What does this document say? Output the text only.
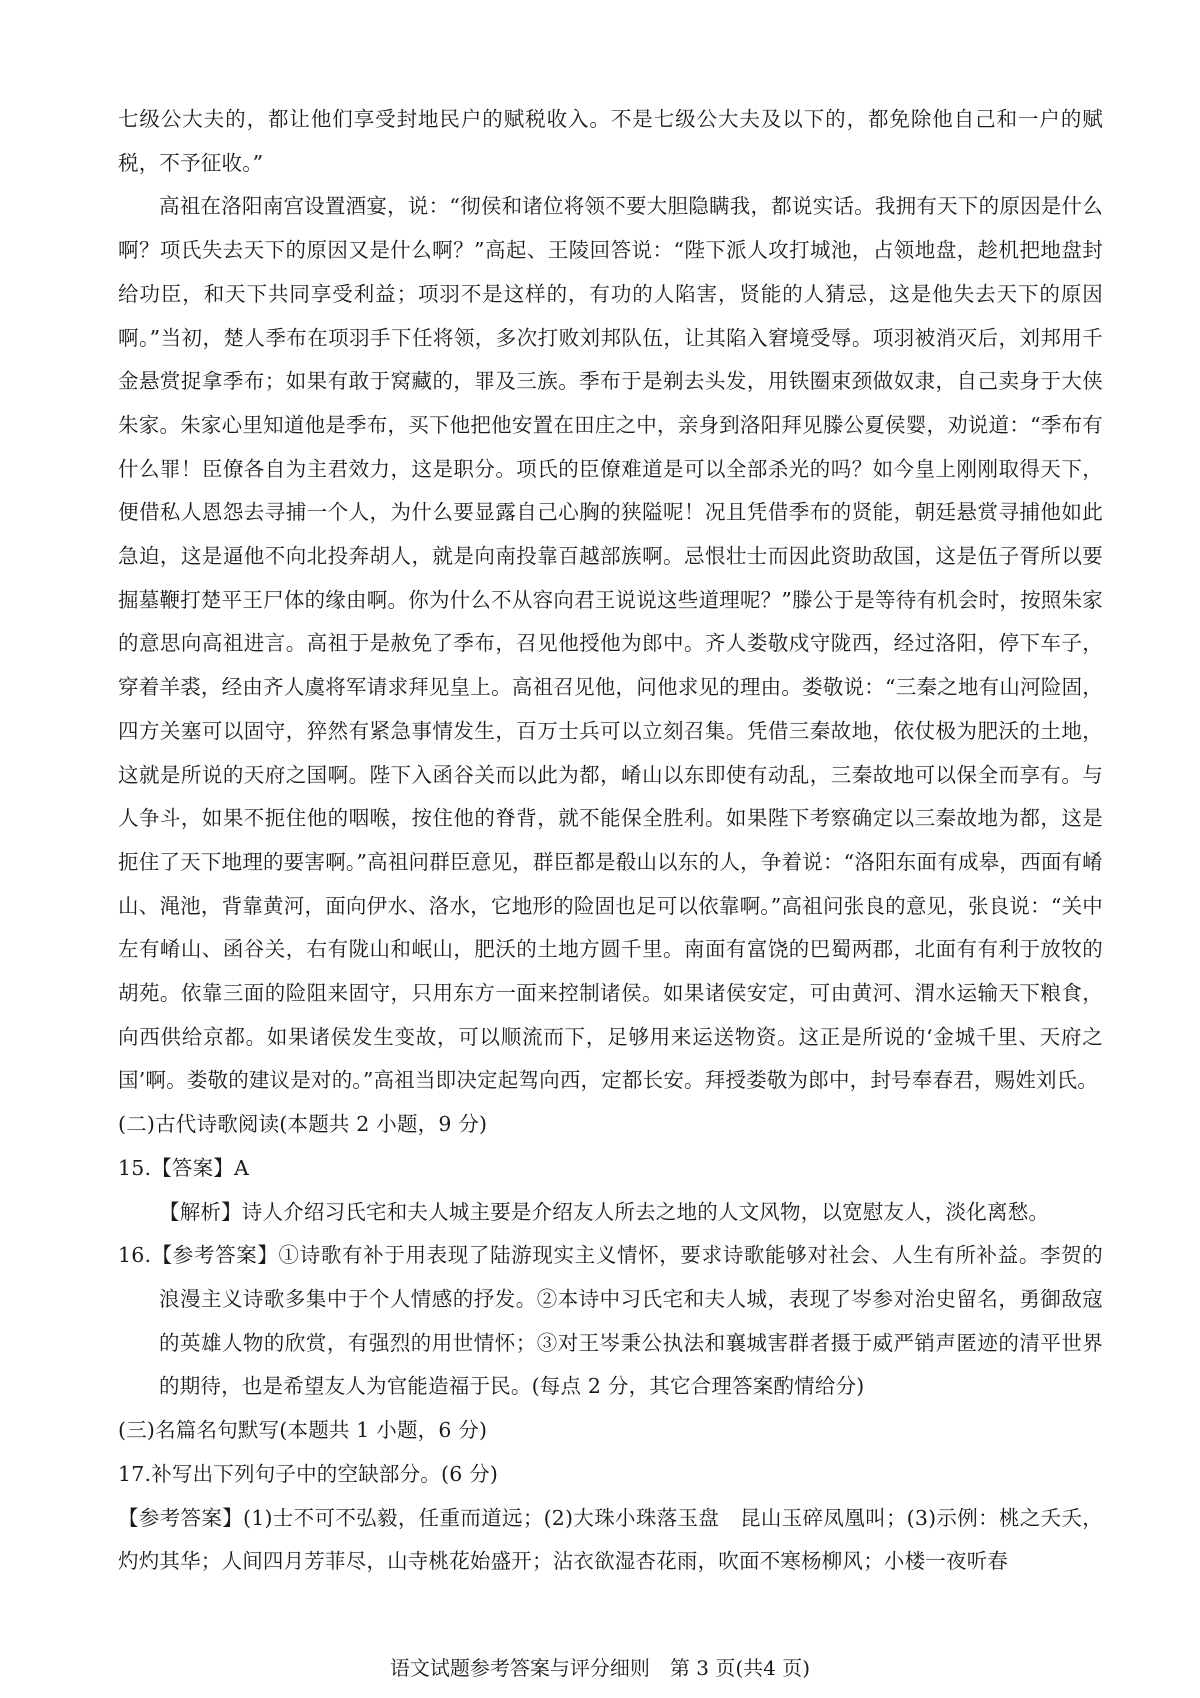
七级公大夫的，都让他们享受封地民户的赋税收入。不是七级公大夫及以下的，都免除他自己和一户的赋税，不予征收。”

高祖在洛阳南宫设置酒宴，说：“彻侯和诸位将领不要大胆隐瞒我，都说实话。我拥有天下的原因是什么啊？项氏失去天下的原因又是什么啊？”高起、王陵回答说：“陛下派人攻打城池，占领地盘，趁机把地盘封给功臣，和天下共同享受利益；项羽不是这样的，有功的人陷害，贤能的人猜忌，这是他失去天下的原因啊。”当初，楚人季布在项羽手下任将领，多次打败刘邦队伍，让其陷入窘境受辱。项羽被消灭后，刘邦用千金悬赏捉拿季布；如果有敢于窝藏的，罪及三族。季布于是剃去头发，用铁圈束颈做奴隶，自己卖身于大侠朱家。朱家心里知道他是季布，买下他把他安置在田庄之中，亲身到洛阳拜见滕公夏侯婴，劝说道：“季布有什么罪！臣僚各自为主君效力，这是职分。项氏的臣僚难道是可以全部杀光的吗？如今皇上刚刚取得天下，便借私人恩怨去寻捕一个人，为什么要显露自己心胸的狭隘呢！况且凭借季布的贤能，朝廷悬赏寻捕他如此急迫，这是逼他不向北投奔胡人，就是向南投靠百越部族啊。忌恨壮士而因此资助敌国，这是伍子胥所以要掘墓鞭打楚平王尸体的缘由啊。你为什么不从容向君王说说这些道理呢？”滕公于是等待有机会时，按照朱家的意思向高祖进言。高祖于是赦免了季布，召见他授他为郎中。齐人娄敬戍守陇西，经过洛阳，停下车子，穿着羊裘，经由齐人虞将军请求拜见皇上。高祖召见他，问他求见的理由。娄敬说：“三秦之地有山河险固，四方关塞可以固守，猝然有紧急事情发生，百万士兵可以立刻召集。凭借三秦故地，依仗极为肥沃的土地，这就是所说的天府之国啊。陛下入函谷关而以此为都，崤山以东即使有动乱，三秦故地可以保全而享有。与人争斗，如果不扼住他的咽喉，按住他的脊背，就不能保全胜利。如果陛下考察确定以三秦故地为都，这是扼住了天下地理的要害啊。”高祖问群臣意见，群臣都是殽山以东的人，争着说：“洛阳东面有成皋，西面有崤山、渑池，背靠黄河，面向伊水、洛水，它地形的险固也足可以依靠啊。”高祖问张良的意见，张良说：“关中左有崤山、函谷关，右有陇山和岷山，肥沃的土地方圆千里。南面有富饶的巴蜀两郡，北面有有利于放牧的胡苑。依靠三面的险阻来固守，只用东方一面来控制诸侯。如果诸侯安定，可由黄河、渭水运输天下粮食，向西供给京都。如果诸侯发生变故，可以顺流而下，足够用来运送物资。这正是所说的‘金城千里、天府之国’啊。娄敬的建议是对的。”高祖当即决定起驾向西，定都长安。拜授娄敬为郎中，封号奉春君，赐姓刘氏。

(二)古代诗歌阅读(本题共 2 小题，9 分)

15.【答案】A

【解析】诗人介绍习氏宅和夫人城主要是介绍友人所去之地的人文风物，以宽慰友人，淡化离愁。

16.【参考答案】①诗歌有补于用表现了陆游现实主义情怀，要求诗歌能够对社会、人生有所补益。李贺的浪漫主义诗歌多集中于个人情感的抒发。②本诗中习氏宅和夫人城，表现了岑参对治史留名，勇御敌寇的英雄人物的欣赏，有强烈的用世情怀；③对王岑秉公执法和襄城害群者摄于威严销声匿迹的清平世界的期待，也是希望友人为官能造福于民。(每点 2 分，其它合理答案酌情给分)

(三)名篇名句默写(本题共 1 小题，6 分)

17.补写出下列句子中的空缺部分。(6 分)

【参考答案】(1)士不可不弘毅，任重而道远；(2)大珠小珠落玉盘　昆山玉碎凤凰叫；(3)示例：桃之夭夭，灼灼其华；人间四月芳菲尽，山寺桃花始盛开；沾衣欲湿杏花雨，吹面不寒杨柳风；小楼一夜听春

语文试题参考答案与评分细则　第 3 页(共4 页)
